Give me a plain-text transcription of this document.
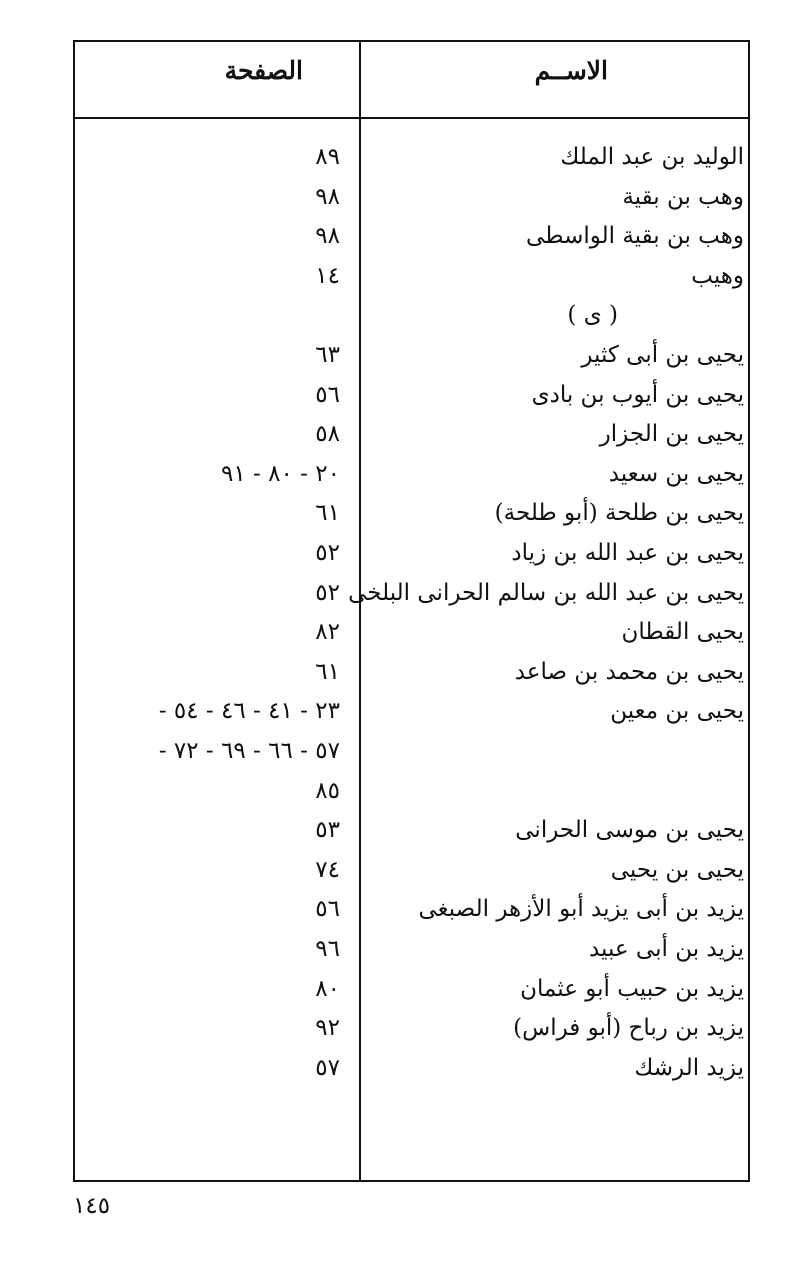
الصفحة	الاســم
الوليد بن عبد الملك
٨٩
وهب بن بقية
٩٨
وهب بن بقية الواسطى
٩٨
وهيب
١٤
( ى )
يحيى بن أبى كثير
٦٣
يحيى بن أيوب بن بادى
٥٦
يحيى بن الجزار
٥٨
يحيى بن سعيد
٢٠ - ٨٠ - ٩١
يحيى بن طلحة (أبو طلحة)
٦١
يحيى بن عبد الله بن زياد
٥٢
يحيى بن عبد الله بن سالم الحرانى البلخى
٥٢
يحيى القطان
٨٢
يحيى بن محمد بن صاعد
٦١
يحيى بن معين
٢٣ - ٤١ - ٤٦ - ٥٤ -
٥٧ - ٦٦ - ٦٩ - ٧٢ -
٨٥
يحيى بن موسى الحرانى
٥٣
يحيى بن يحيى
٧٤
يزيد بن أبى يزيد أبو الأزهر الصبغى
٥٦
يزيد بن أبى عبيد
٩٦
يزيد بن حبيب أبو عثمان
٨٠
يزيد بن رباح (أبو فراس)
٩٢
يزيد الرشك
٥٧
١٤٥
